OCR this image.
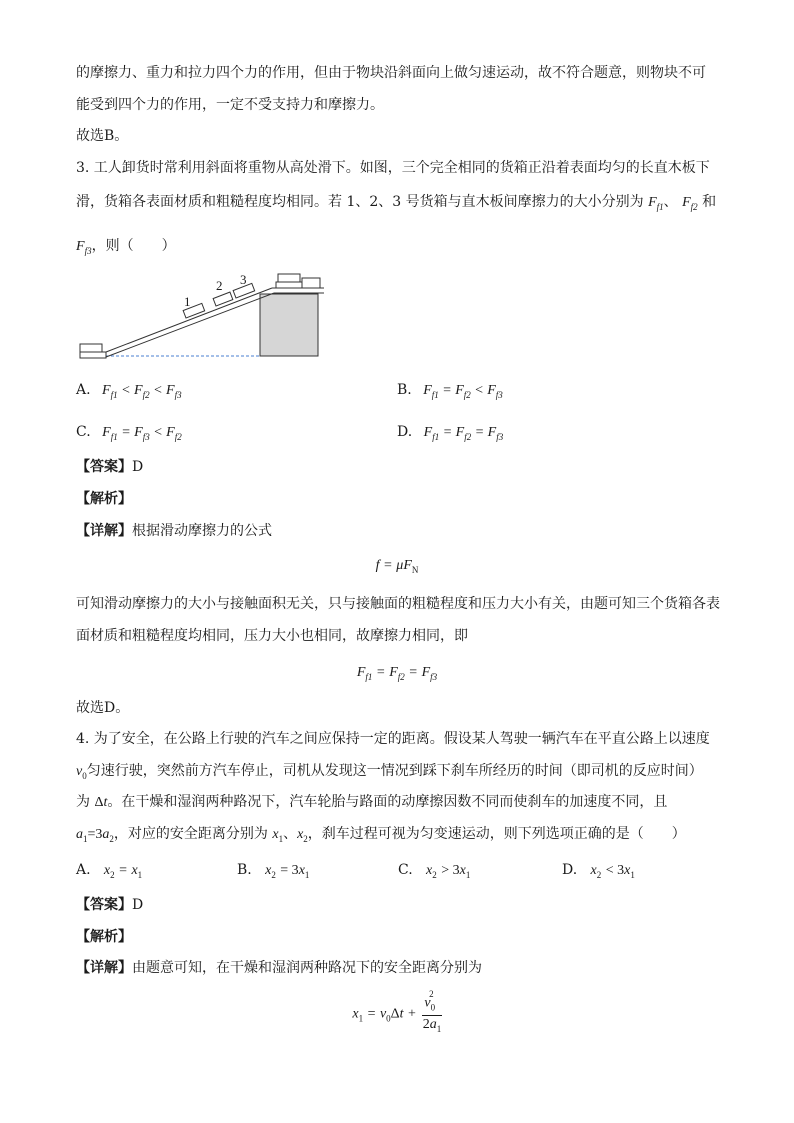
的摩擦力、重力和拉力四个力的作用，但由于物块沿斜面向上做匀速运动，故不符合题意，则物块不可
能受到四个力的作用，一定不受支持力和摩擦力。
故选B。
3. 工人卸货时常利用斜面将重物从高处滑下。如图，三个完全相同的货箱正沿着表面均匀的长直木板下
滑，货箱各表面材质和粗糙程度均相同。若 1、2、3 号货箱与直木板间摩擦力的大小分别为 $F_{f1}$、 $F_{f2}$ 和
$F_{f3}$，则（　　）
1
2 3
A.   $F_{f1} < F_{f2} < F_{f3}$	B.   $F_{f1} = F_{f2} < F_{f3}$
C.   $F_{f1} = F_{f3} < F_{f2}$	D.   $F_{f1} = F_{f2} = F_{f3}$
【答案】D
【解析】
【详解】根据滑动摩擦力的公式
$f = \mu F_N$
可知滑动摩擦力的大小与接触面积无关，只与接触面的粗糙程度和压力大小有关，由题可知三个货箱各表
面材质和粗糙程度均相同，压力大小也相同，故摩擦力相同，即
$F_{f1} = F_{f2} = F_{f3}$
故选D。
4. 为了安全，在公路上行驶的汽车之间应保持一定的距离。假设某人驾驶一辆汽车在平直公路上以速度
$v_0$匀速行驶，突然前方汽车停止，司机从发现这一情况到踩下刹车所经历的时间（即司机的反应时间）
为 Δt。在干燥和湿润两种路况下，汽车轮胎与路面的动摩擦因数不同而使刹车的加速度不同，且
$a_1=3a_2$，对应的安全距离分别为 $x_1$、$x_2$，刹车过程可视为匀变速运动，则下列选项正确的是（　　）
A. $x_2 = x_1$	B. $x_2 = 3x_1$	C. $x_2 > 3x_1$	D. $x_2 < 3x_1$
【答案】D
【解析】
【详解】由题意可知，在干燥和湿润两种路况下的安全距离分别为
$x_1 = v_0\Delta t + \frac{v_0^2}{2a_1}$
